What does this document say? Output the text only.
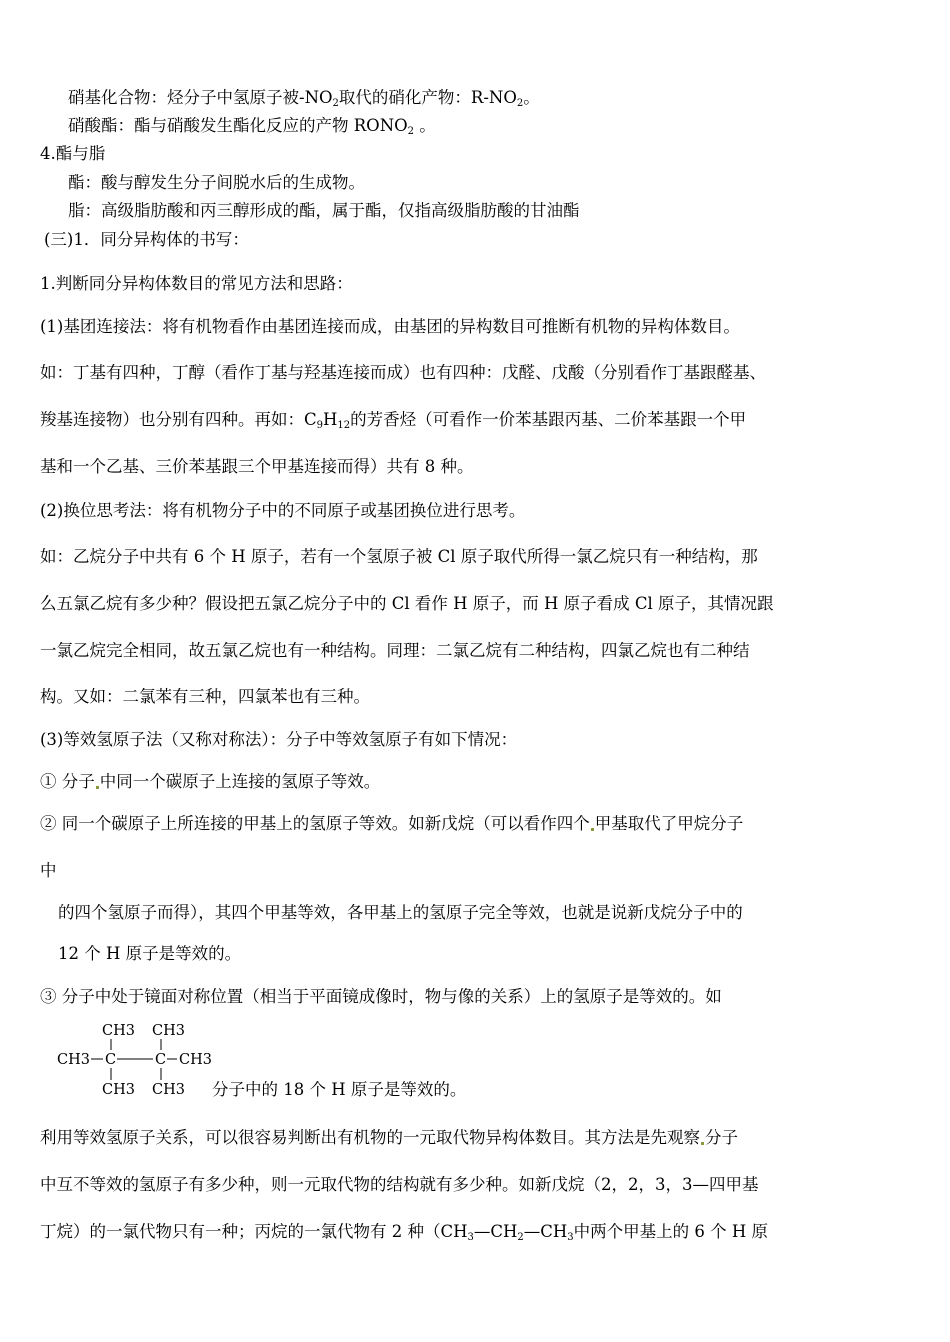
硝基化合物：烃分子中氢原子被$-NO_2$取代的硝化产物：$R-NO_2$。
硝酸酯：酯与硝酸发生酯化反应的产物 $RONO_2$ 。
4.酯与脂
酯：酸与醇发生分子间脱水后的生成物。
脂：高级脂肪酸和丙三醇形成的酯，属于酯，仅指高级脂肪酸的甘油酯
(三)1．同分异构体的书写：
1.判断同分异构体数目的常见方法和思路：
(1)基团连接法：将有机物看作由基团连接而成，由基团的异构数目可推断有机物的异构体数目。
如：丁基有四种，丁醇（看作丁基与羟基连接而成）也有四种：戊醛、戊酸（分别看作丁基跟醛基、
羧基连接物）也分别有四种。再如：$C_9H_{12}$的芳香烃（可看作一价苯基跟丙基、二价苯基跟一个甲
基和一个乙基、三价苯基跟三个甲基连接而得）共有 8 种。
(2)换位思考法：将有机物分子中的不同原子或基团换位进行思考。
如：乙烷分子中共有 6 个 H 原子，若有一个氢原子被 Cl 原子取代所得一氯乙烷只有一种结构，那
么五氯乙烷有多少种？假设把五氯乙烷分子中的 Cl 看作 H 原子，而 H 原子看成 Cl 原子，其情况跟
一氯乙烷完全相同，故五氯乙烷也有一种结构。同理：二氯乙烷有二种结构，四氯乙烷也有二种结
构。又如：二氯苯有三种，四氯苯也有三种。
(3)等效氢原子法（又称对称法）：分子中等效氢原子有如下情况：
① 分子 中同一个碳原子上连接的氢原子等效。
② 同一个碳原子上所连接的甲基上的氢原子等效。如新戊烷（可以看作四个 甲基取代了甲烷分子
中
的四个氢原子而得），其四个甲基等效，各甲基上的氢原子完全等效，也就是说新戊烷分子中的
12 个 H 原子是等效的。
③ 分子中处于镜面对称位置（相当于平面镜成像时，物与像的关系）上的氢原子是等效的。如
CH3 CH3
CH3 C	C CH3
CH3 CH3 分子中的 18 个 H 原子是等效的。
利用等效氢原子关系，可以很容易判断出有机物的一元取代物异构体数目。其方法是先观察 分子
中互不等效的氢原子有多少种，则一元取代物的结构就有多少种。如新戊烷（2，2，3，3—四甲基
丁烷）的一氯代物只有一种；丙烷的一氯代物有 2 种（$CH_3—CH_2—CH_3$中两个甲基上的 6 个 H 原
